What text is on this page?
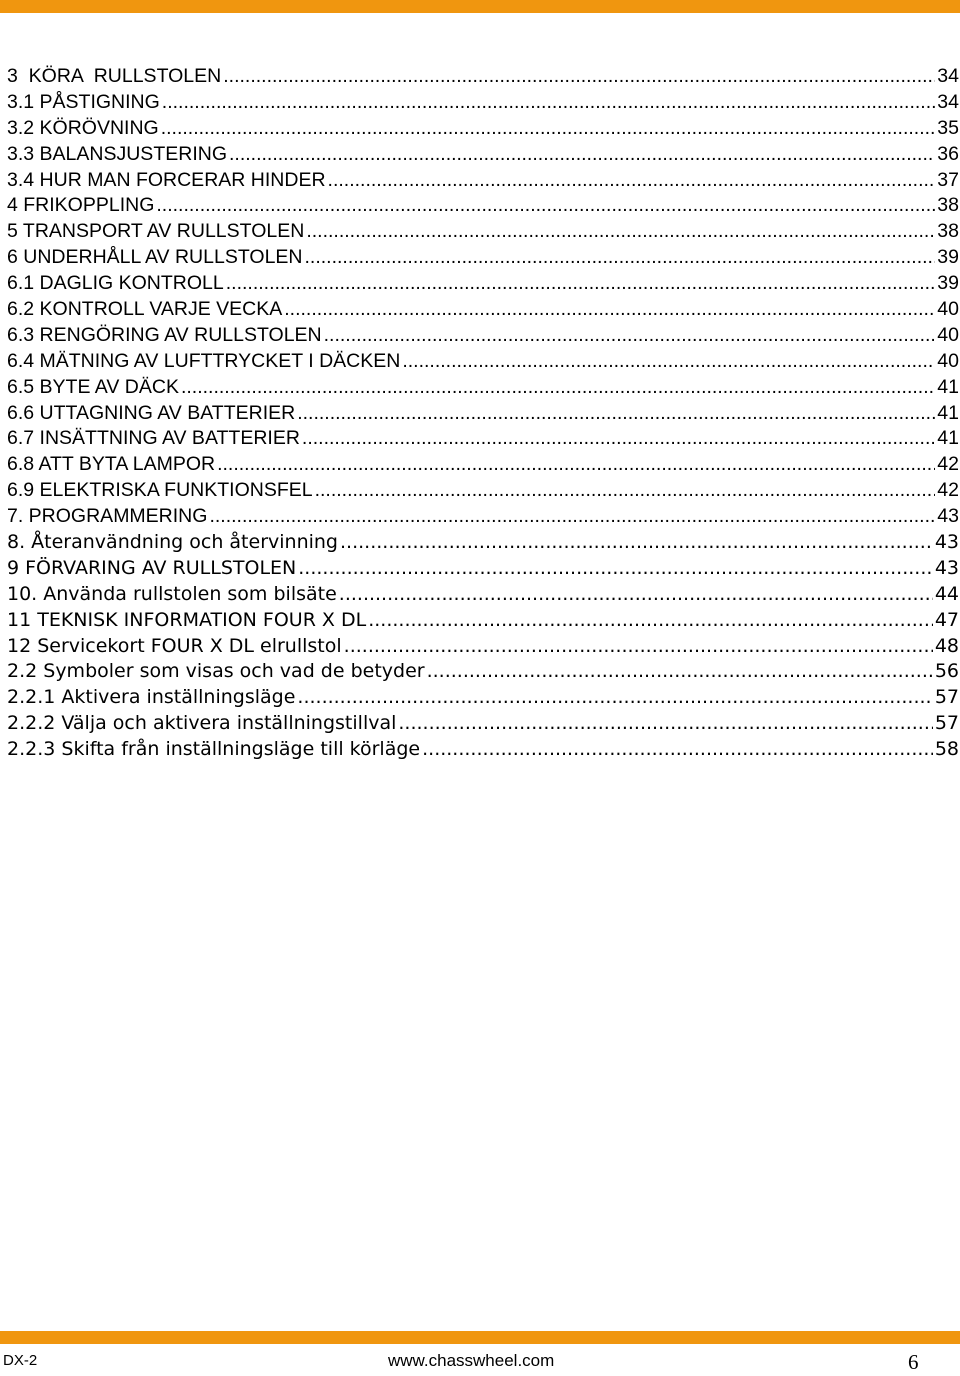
3  KÖRA  RULLSTOLEN .....	34
3.1 PÅSTIGNING .....	34
3.2 KÖRÖVNING .....	35
3.3 BALANSJUSTERING .....	36
3.4 HUR MAN FORCERAR HINDER .....	37
4 FRIKOPPLING .....	38
5 TRANSPORT AV RULLSTOLEN .....	38
6 UNDERHÅLL AV RULLSTOLEN .....	39
6.1 DAGLIG KONTROLL .....	39
6.2 KONTROLL VARJE VECKA .....	40
6.3 RENGÖRING AV RULLSTOLEN .....	40
6.4 MÄTNING AV LUFTTRYCKET I DÄCKEN .....	40
6.5 BYTE AV DÄCK .....	41
6.6 UTTAGNING AV BATTERIER .....	41
6.7 INSÄTTNING AV BATTERIER .....	41
6.8 ATT BYTA LAMPOR .....	42
6.9 ELEKTRISKA FUNKTIONSFEL .....	42
7. PROGRAMMERING .....	43
8. Återanvändning och återvinning .....	43
9 FÖRVARING AV RULLSTOLEN .....	43
10. Använda rullstolen som bilsäte .....	44
11 TEKNISK INFORMATION FOUR X DL .....	47
12 Servicekort FOUR X DL elrullstol .....	48
2.2 Symboler som visas och vad de betyder .....	56
2.2.1 Aktivera inställningsläge .....	57
2.2.2 Välja och aktivera inställningstillval .....	57
2.2.3 Skifta från inställningsläge till körläge .....	58
DX-2	www.chasswheel.com	6
